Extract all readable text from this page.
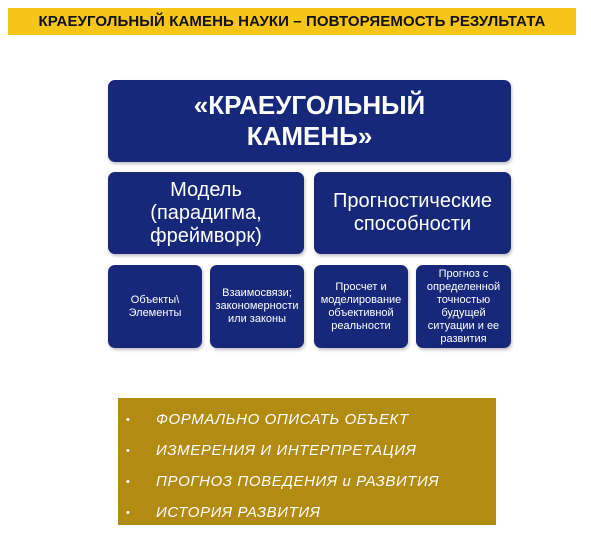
КРАЕУГОЛЬНЫЙ КАМЕНЬ НАУКИ – ПОВТОРЯЕМОСТЬ РЕЗУЛЬТАТА
«КРАЕУГОЛЬНЫЙ
КАМЕНЬ»
Модель
(парадигма,
фреймворк)
Прогностические
способности
Объекты\
Элементы
Взаимосвязи;
закономерности
или законы
Просчет и
моделирование
объективной
реальности
Прогноз с
определенной
точностью
будущей
ситуации и ее
развития
•	ФОРМАЛЬНО ОПИСАТЬ ОБЪЕКТ
•	ИЗМЕРЕНИЯ И ИНТЕРПРЕТАЦИЯ
•	ПРОГНОЗ ПОВЕДЕНИЯ и РАЗВИТИЯ
•	ИСТОРИЯ РАЗВИТИЯ
